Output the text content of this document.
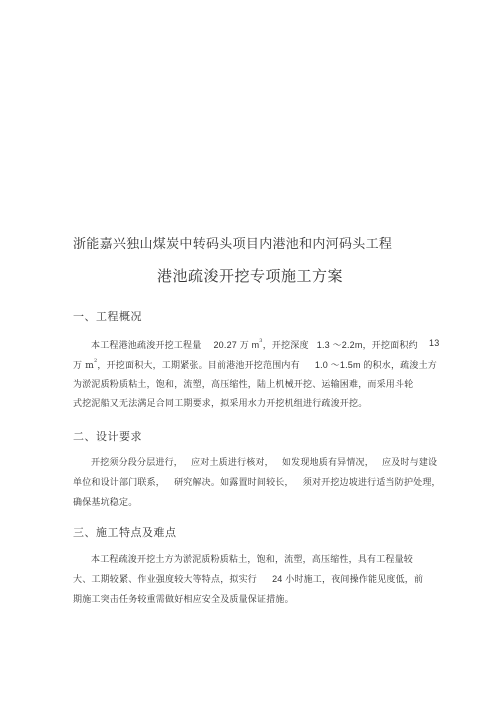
浙能嘉兴独山煤炭中转码头项目内港池和内河码头工程
港池疏浚开挖专项施工方案
一、工程概况
本工程港池疏浚开挖工程量 20.27 万 $m^3$，开挖深度 1.3 ～2.2m，开挖面积约 13
万 $m^2$，开挖面积大，工期紧张。目前港池开挖范围内有 1.0 ～1.5m 的积水，疏浚土方
为淤泥质粉质粘土，饱和，流塑，高压缩性，陆上机械开挖、运输困难，而采用斗轮
式挖泥船又无法满足合同工期要求，拟采用水力开挖机组进行疏浚开挖。
二、设计要求
开挖须分段分层进行， 应对土质进行核对， 如发现地质有异情况， 应及时与建设
单位和设计部门联系， 研究解决。如露置时间较长， 须对开挖边坡进行适当防护处理，
确保基坑稳定。
三、施工特点及难点
本工程疏浚开挖土方为淤泥质粉质粘土，饱和，流塑，高压缩性，具有工程量较
大、工期较紧、作业强度较大等特点，拟实行 24 小时施工，夜间操作能见度低，前
期施工突击任务较重需做好相应安全及质量保证措施。
